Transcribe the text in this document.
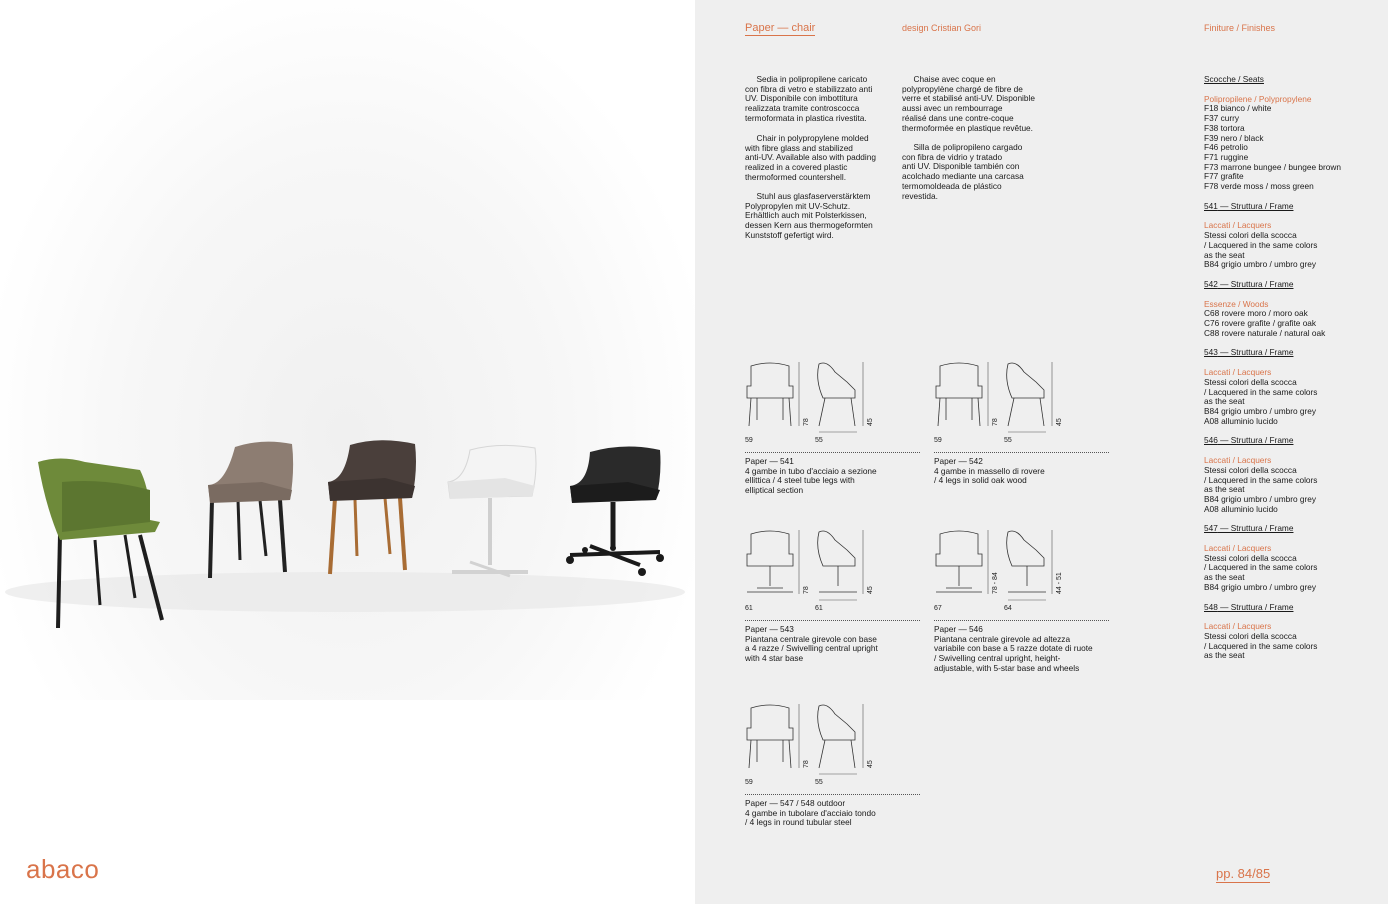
abaco
Paper — chair	design Cristian Gori	Finiture / Finishes
Sedia in polipropilene caricato
con fibra di vetro e stabilizzato anti
UV. Disponibile con imbottitura
realizzata tramite controscocca
termoformata in plastica rivestita.
Chair in polypropylene molded
with fibre glass and stabilized
anti-UV. Available also with padding
realized in a covered plastic
thermoformed countershell.
Stuhl aus glasfaserverstärktem
Polypropylen mit UV-Schutz.
Erhältlich auch mit Polsterkissen,
dessen Kern aus thermogeformten
Kunststoff gefertigt wird.
Chaise avec coque en
polypropylène chargé de fibre de
verre et stabilisé anti-UV. Disponible
aussi avec un rembourrage
réalisé dans une contre-coque
thermoformée en plastique revêtue.
Silla de polipropileno cargado
con fibra de vidrio y tratado
anti UV. Disponible también con
acolchado mediante una carcasa
termomoldeada de plástico
revestida.
59	55
78	45
Paper — 541
4 gambe in tubo d'acciaio a sezione
ellittica / 4 steel tube legs with
elliptical section
59	55
78	45
Paper — 542
4 gambe in massello di rovere
/ 4 legs in solid oak wood
61	61
78	45
Paper — 543
Piantana centrale girevole con base
a 4 razze / Swivelling central upright
with 4 star base
67	64
78 - 84	44 - 51
Paper — 546
Piantana centrale girevole ad altezza
variabile con base a 5 razze dotate di ruote
/ Swivelling central upright, height-
adjustable, with 5-star base and wheels
59	55
78	45
Paper — 547 / 548 outdoor
4 gambe in tubolare d'acciaio tondo
/ 4 legs in round tubular steel
Scocche / Seats
Polipropilene / Polypropylene
F18 bianco / white
F37 curry
F38 tortora
F39 nero / black
F46 petrolio
F71 ruggine
F73 marrone bungee / bungee brown
F77 grafite
F78 verde moss / moss green
541 — Struttura / Frame
Laccati / Lacquers
Stessi colori della scocca
/ Lacquered in the same colors
as the seat
B84 grigio umbro / umbro grey
542 — Struttura / Frame
Essenze / Woods
C68 rovere moro / moro oak
C76 rovere grafite / grafite oak
C88 rovere naturale / natural oak
543 — Struttura / Frame
Laccati / Lacquers
Stessi colori della scocca
/ Lacquered in the same colors
as the seat
B84 grigio umbro / umbro grey
A08 alluminio lucido
546 — Struttura / Frame
Laccati / Lacquers
Stessi colori della scocca
/ Lacquered in the same colors
as the seat
B84 grigio umbro / umbro grey
A08 alluminio lucido
547 — Struttura / Frame
Laccati / Lacquers
Stessi colori della scocca
/ Lacquered in the same colors
as the seat
B84 grigio umbro / umbro grey
548 — Struttura / Frame
Laccati / Lacquers
Stessi colori della scocca
/ Lacquered in the same colors
as the seat
pp. 84/85
